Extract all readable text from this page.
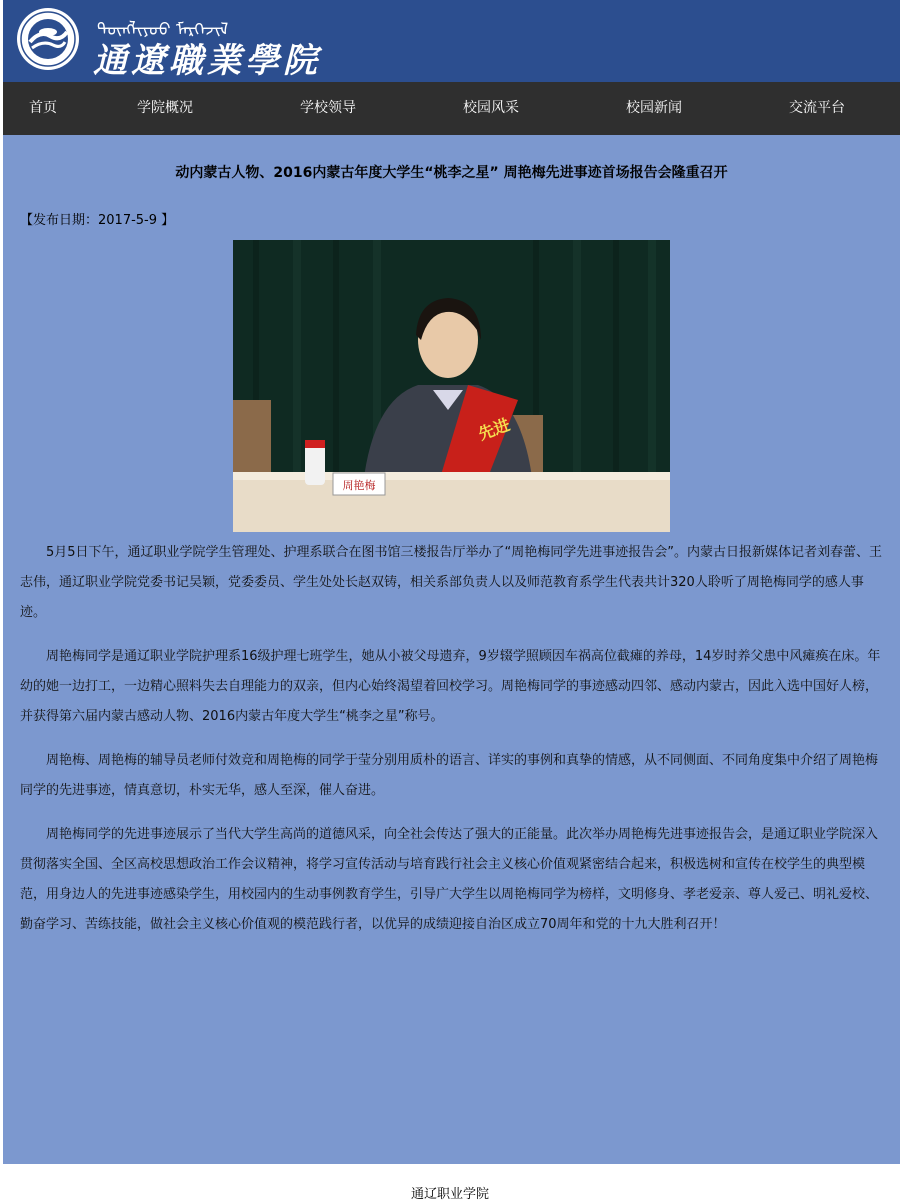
ᠲᠦᠩᠯᠢᠶᠣᠣ ᠮᠡᠷᠭᠡᠵᠢᠯ
通遼職業學院
首页	学院概况	学校领导	校园风采	校园新闻	交流平台
动内蒙古人物、2016内蒙古年度大学生“桃李之星” 周艳梅先进事迹首场报告会隆重召开
【发布日期：2017-5-9 】
周艳梅
先进

5月5日下午，通辽职业学院学生管理处、护理系联合在图书馆三楼报告厅举办了“周艳梅同学先进事迹报告会”。内蒙古日报新媒体记者刘春蕾、王志伟，通辽职业学院党委书记吴颖，党委委员、学生处处长赵双铸，相关系部负责人以及师范教育系学生代表共计320人聆听了周艳梅同学的感人事迹。

周艳梅同学是通辽职业学院护理系16级护理七班学生，她从小被父母遗弃，9岁辍学照顾因车祸高位截瘫的养母，14岁时养父患中风瘫痪在床。年幼的她一边打工，一边精心照料失去自理能力的双亲，但内心始终渴望着回校学习。周艳梅同学的事迹感动四邻、感动内蒙古，因此入选中国好人榜，并获得第六届内蒙古感动人物、2016内蒙古年度大学生“桃李之星”称号。

周艳梅、周艳梅的辅导员老师付效竞和周艳梅的同学于莹分别用质朴的语言、详实的事例和真挚的情感，从不同侧面、不同角度集中介绍了周艳梅同学的先进事迹，情真意切，朴实无华，感人至深，催人奋进。

周艳梅同学的先进事迹展示了当代大学生高尚的道德风采，向全社会传达了强大的正能量。此次举办周艳梅先进事迹报告会，是通辽职业学院深入贯彻落实全国、全区高校思想政治工作会议精神，将学习宣传活动与培育践行社会主义核心价值观紧密结合起来，积极选树和宣传在校学生的典型模范，用身边人的先进事迹感染学生，用校园内的生动事例教育学生，引导广大学生以周艳梅同学为榜样，文明修身、孝老爱亲、尊人爱己、明礼爱校、勤奋学习、苦练技能，做社会主义核心价值观的模范践行者，以优异的成绩迎接自治区成立70周年和党的十九大胜利召开！

通辽职业学院
